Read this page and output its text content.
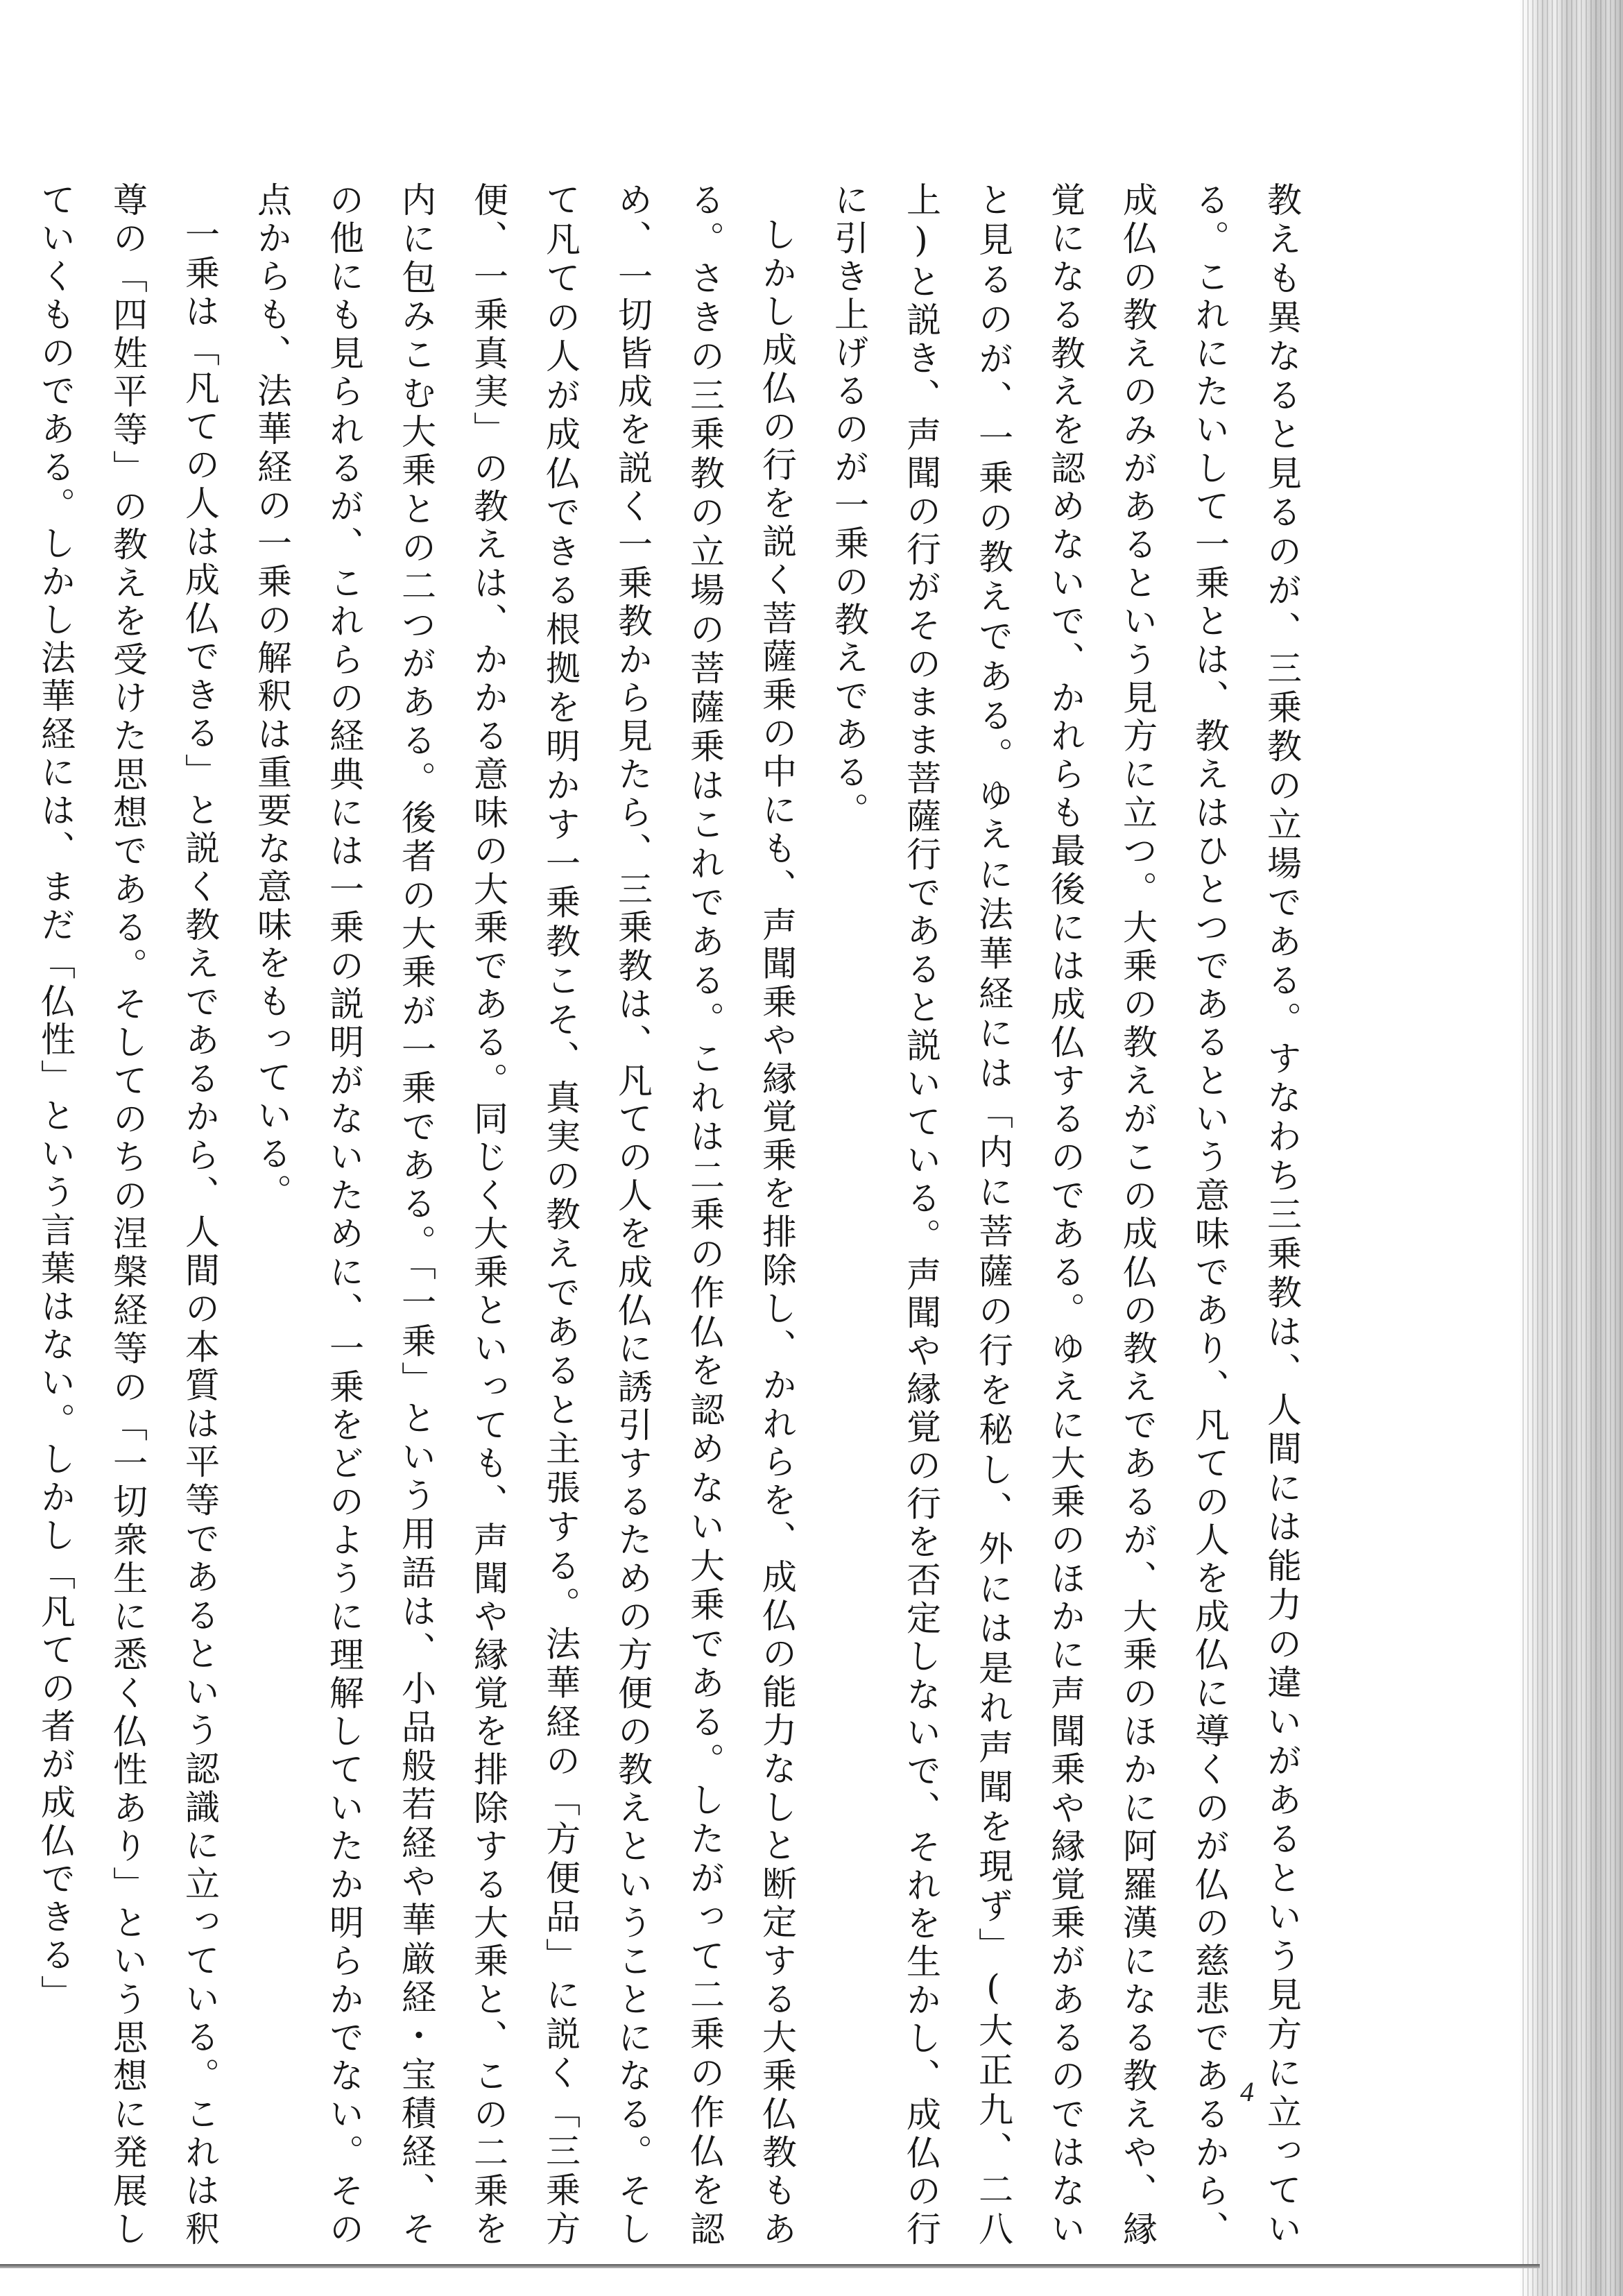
教えも異なると見るのが、三乗教の立場である。すなわち三乗教は、人間には能力の違いがあるという見方に立っている。これにたいして一乗とは、教えはひとつであるという意味であり、凡ての人を成仏に導くのが仏の慈悲であるから、成仏の教えのみがあるという見方に立つ。大乗の教えがこの成仏の教えであるが、大乗のほかに阿羅漢になる教えや、縁覚になる教えを認めないで、かれらも最後には成仏するのである。ゆえに大乗のほかに声聞乗や縁覚乗があるのではないと見るのが、一乗の教えである。ゆえに法華経には「内に菩薩の行を秘し、外には是れ声聞を現ず」(大正九、二八上)と説き、声聞の行がそのまま菩薩行であると説いている。声聞や縁覚の行を否定しないで、それを生かし、成仏の行に引き上げるのが一乗の教えである。

しかし成仏の行を説く菩薩乗の中にも、声聞乗や縁覚乗を排除し、かれらを、成仏の能力なしと断定する大乗仏教もある。さきの三乗教の立場の菩薩乗はこれである。これは二乗の作仏を認めない大乗である。したがって二乗の作仏を認め、一切皆成を説く一乗教から見たら、三乗教は、凡ての人を成仏に誘引するための方便の教えということになる。そして凡ての人が成仏できる根拠を明かす一乗教こそ、真実の教えであると主張する。法華経の「方便品」に説く「三乗方便、一乗真実」の教えは、かかる意味の大乗である。同じく大乗といっても、声聞や縁覚を排除する大乗と、この二乗を内に包みこむ大乗との二つがある。後者の大乗が一乗である。「一乗」という用語は、小品般若経や華厳経・宝積経、その他にも見られるが、これらの経典には一乗の説明がないために、一乗をどのように理解していたか明らかでない。その点からも、法華経の一乗の解釈は重要な意味をもっている。

一乗は「凡ての人は成仏できる」と説く教えであるから、人間の本質は平等であるという認識に立っている。これは釈尊の「四姓平等」の教えを受けた思想である。そしてのちの涅槃経等の「一切衆生に悉く仏性あり」という思想に発展していくものである。しかし法華経には、まだ「仏性」という言葉はない。しかし「凡ての者が成仏できる」

4
